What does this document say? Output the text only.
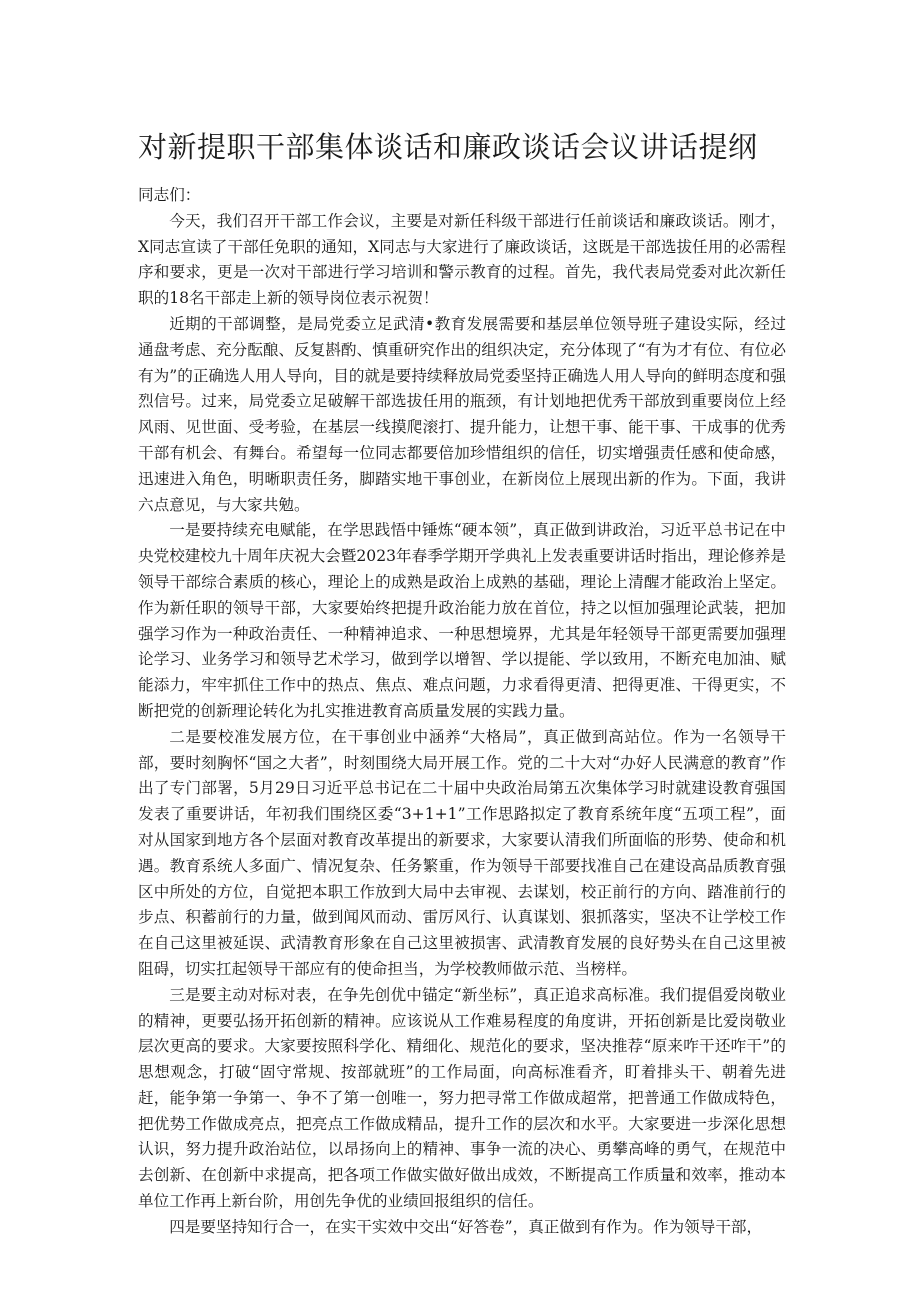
对新提职干部集体谈话和廉政谈话会议讲话提纲

同志们：

今天，我们召开干部工作会议，主要是对新任科级干部进行任前谈话和廉政谈话。刚才，X同志宣读了干部任免职的通知，X同志与大家进行了廉政谈话，这既是干部选拔任用的必需程序和要求，更是一次对干部进行学习培训和警示教育的过程。首先，我代表局党委对此次新任职的18名干部走上新的领导岗位表示祝贺！

近期的干部调整，是局党委立足武清•教育发展需要和基层单位领导班子建设实际，经过通盘考虑、充分酝酿、反复斟酌、慎重研究作出的组织决定，充分体现了“有为才有位、有位必有为”的正确选人用人导向，目的就是要持续释放局党委坚持正确选人用人导向的鲜明态度和强烈信号。过来，局党委立足破解干部选拔任用的瓶颈，有计划地把优秀干部放到重要岗位上经风雨、见世面、受考验，在基层一线摸爬滚打、提升能力，让想干事、能干事、干成事的优秀干部有机会、有舞台。希望每一位同志都要倍加珍惜组织的信任，切实增强责任感和使命感，迅速进入角色，明晰职责任务，脚踏实地干事创业，在新岗位上展现出新的作为。下面，我讲六点意见，与大家共勉。

一是要持续充电赋能，在学思践悟中锤炼“硬本领”，真正做到讲政治，习近平总书记在中央党校建校九十周年庆祝大会暨2023年春季学期开学典礼上发表重要讲话时指出，理论修养是领导干部综合素质的核心，理论上的成熟是政治上成熟的基础，理论上清醒才能政治上坚定。作为新任职的领导干部，大家要始终把提升政治能力放在首位，持之以恒加强理论武装，把加强学习作为一种政治责任、一种精神追求、一种思想境界，尤其是年轻领导干部更需要加强理论学习、业务学习和领导艺术学习，做到学以增智、学以提能、学以致用，不断充电加油、赋能添力，牢牢抓住工作中的热点、焦点、难点问题，力求看得更清、把得更准、干得更实，不断把党的创新理论转化为扎实推进教育高质量发展的实践力量。

二是要校准发展方位，在干事创业中涵养“大格局”，真正做到高站位。作为一名领导干部，要时刻胸怀“国之大者”，时刻围绕大局开展工作。党的二十大对“办好人民满意的教育”作出了专门部署，5月29日习近平总书记在二十届中央政治局第五次集体学习时就建设教育强国发表了重要讲话，年初我们围绕区委“3+1+1”工作思路拟定了教育系统年度“五项工程”，面对从国家到地方各个层面对教育改革提出的新要求，大家要认清我们所面临的形势、使命和机遇。教育系统人多面广、情况复杂、任务繁重，作为领导干部要找准自己在建设高品质教育强区中所处的方位，自觉把本职工作放到大局中去审视、去谋划，校正前行的方向、踏准前行的步点、积蓄前行的力量，做到闻风而动、雷厉风行、认真谋划、狠抓落实，坚决不让学校工作在自己这里被延误、武清教育形象在自己这里被损害、武清教育发展的良好势头在自己这里被阻碍，切实扛起领导干部应有的使命担当，为学校教师做示范、当榜样。

三是要主动对标对表，在争先创优中锚定“新坐标”，真正追求高标准。我们提倡爱岗敬业的精神，更要弘扬开拓创新的精神。应该说从工作难易程度的角度讲，开拓创新是比爱岗敬业层次更高的要求。大家要按照科学化、精细化、规范化的要求，坚决推荐“原来咋干还咋干”的思想观念，打破“固守常规、按部就班”的工作局面，向高标准看齐，盯着排头干、朝着先进赶，能争第一争第一、争不了第一创唯一，努力把寻常工作做成超常，把普通工作做成特色，把优势工作做成亮点，把亮点工作做成精品，提升工作的层次和水平。大家要进一步深化思想认识，努力提升政治站位，以昂扬向上的精神、事争一流的决心、勇攀高峰的勇气，在规范中去创新、在创新中求提高，把各项工作做实做好做出成效，不断提高工作质量和效率，推动本单位工作再上新台阶，用创先争优的业绩回报组织的信任。

四是要坚持知行合一，在实干实效中交出“好答卷”，真正做到有作为。作为领导干部，
